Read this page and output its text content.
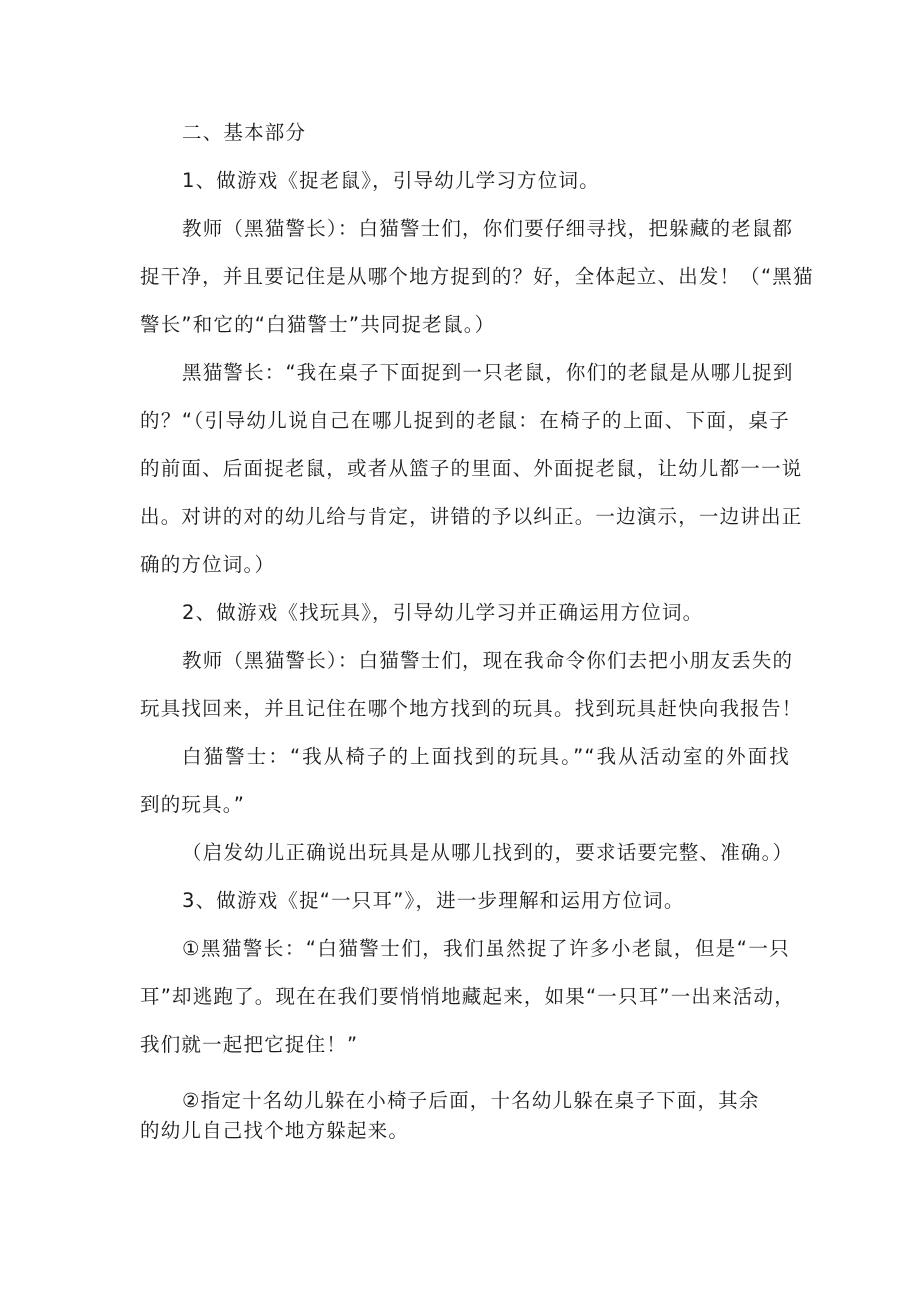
二、基本部分
1、做游戏《捉老鼠》，引导幼儿学习方位词。
教师（黑猫警长）：白猫警士们，你们要仔细寻找，把躲藏的老鼠都
捉干净，并且要记住是从哪个地方捉到的？好，全体起立、出发！（“黑猫
警长”和它的“白猫警士”共同捉老鼠。）
黑猫警长：“我在桌子下面捉到一只老鼠，你们的老鼠是从哪儿捉到
的？“（引导幼儿说自己在哪儿捉到的老鼠：在椅子的上面、下面，桌子
的前面、后面捉老鼠，或者从篮子的里面、外面捉老鼠，让幼儿都一一说
出。对讲的对的幼儿给与肯定，讲错的予以纠正。一边演示，一边讲出正
确的方位词。）
2、做游戏《找玩具》，引导幼儿学习并正确运用方位词。
教师（黑猫警长）：白猫警士们，现在我命令你们去把小朋友丢失的
玩具找回来，并且记住在哪个地方找到的玩具。找到玩具赶快向我报告！
白猫警士：“我从椅子的上面找到的玩具。”“我从活动室的外面找
到的玩具。”
（启发幼儿正确说出玩具是从哪儿找到的，要求话要完整、准确。）
3、做游戏《捉“一只耳”》，进一步理解和运用方位词。
①黑猫警长：“白猫警士们，我们虽然捉了许多小老鼠，但是“一只
耳”却逃跑了。现在在我们要悄悄地藏起来，如果“一只耳”一出来活动，
我们就一起把它捉住！”
②指定十名幼儿躲在小椅子后面，十名幼儿躲在桌子下面，其余
的幼儿自己找个地方躲起来。
